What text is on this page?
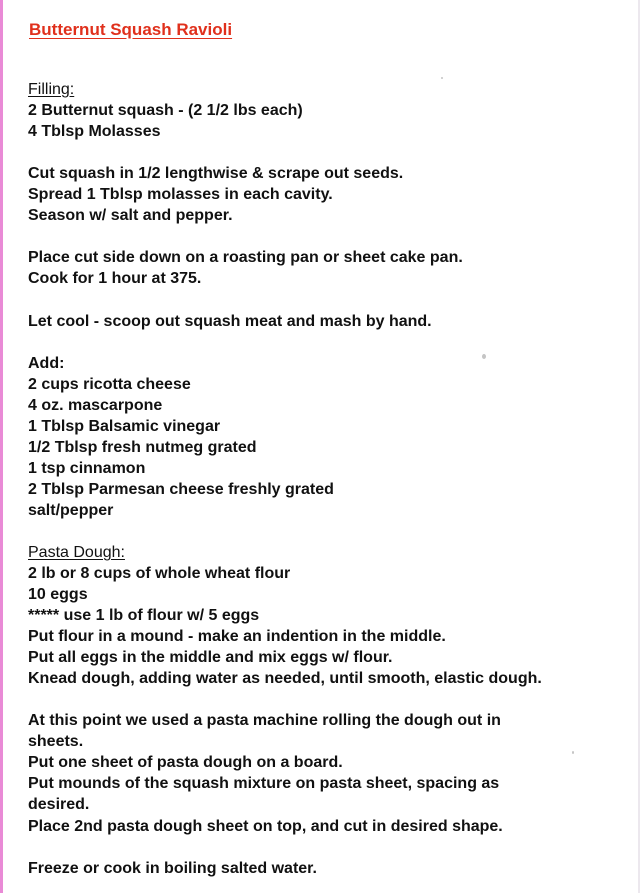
Butternut Squash Ravioli
Filling:
2 Butternut squash - (2 1/2 lbs each)
4 Tblsp Molasses
Cut squash in 1/2 lengthwise & scrape out seeds.
Spread 1 Tblsp molasses in each cavity.
Season w/ salt and pepper.
Place cut side down on a roasting pan or sheet cake pan.
Cook for 1 hour at 375.
Let cool - scoop out squash meat and mash by hand.
Add:
2 cups ricotta cheese
4 oz. mascarpone
1 Tblsp Balsamic vinegar
1/2 Tblsp fresh nutmeg grated
1 tsp cinnamon
2 Tblsp Parmesan cheese freshly grated
salt/pepper
Pasta Dough:
2 lb or 8 cups of whole wheat flour
10 eggs
***** use 1 lb of flour w/ 5 eggs
Put flour in a mound - make an indention in the middle.
Put all eggs in the middle and mix eggs w/ flour.
Knead dough, adding water as needed, until smooth, elastic dough.
At this point we used a pasta machine rolling the dough out in
sheets.
Put one sheet of pasta dough on a board.
Put mounds of the squash mixture on pasta sheet, spacing as
desired.
Place 2nd pasta dough sheet on top, and cut in desired shape.
Freeze or cook in boiling salted water.
